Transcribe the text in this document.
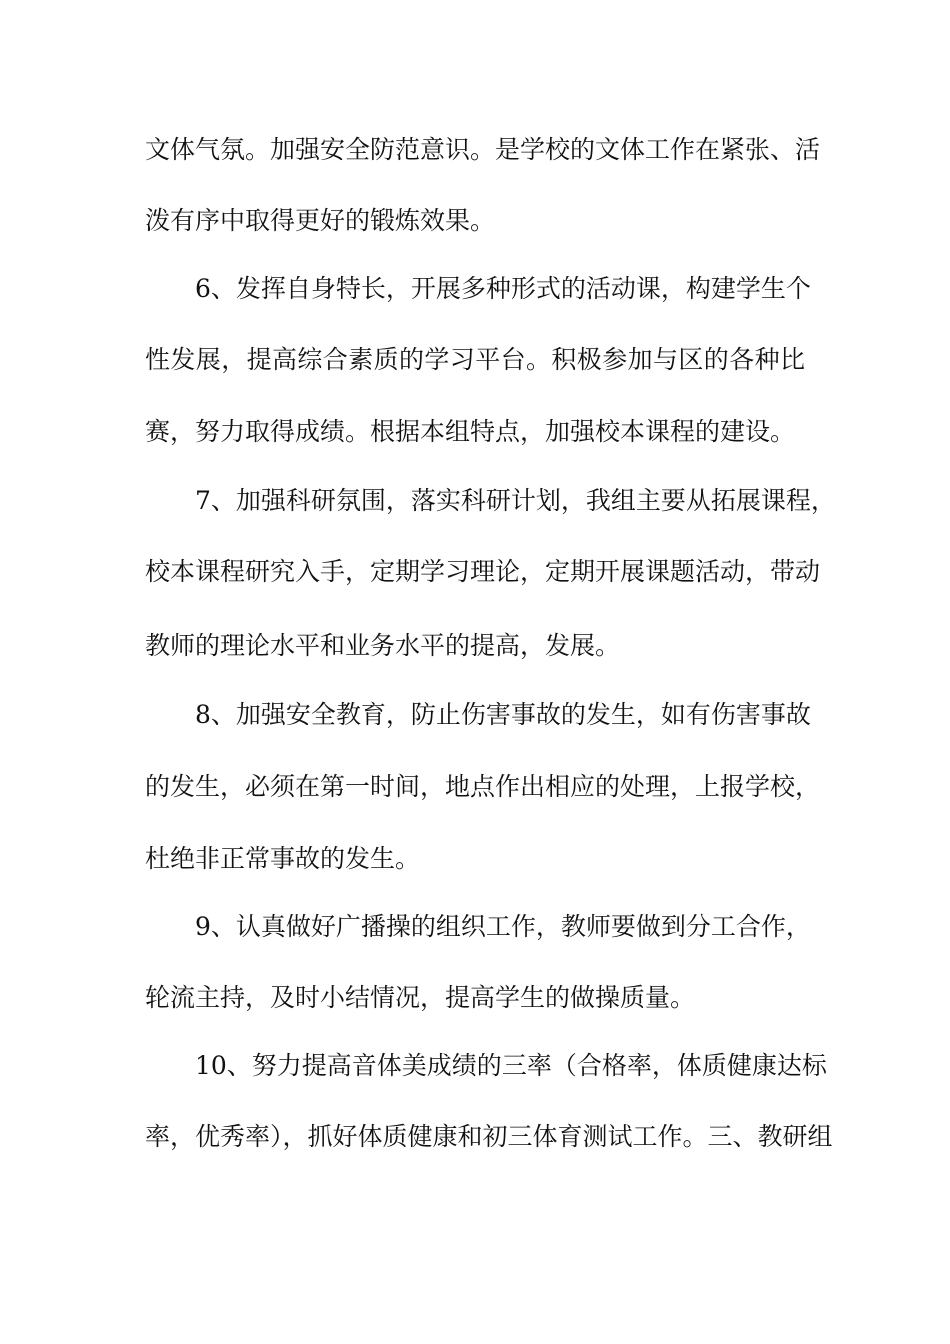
文体气氛。加强安全防范意识。是学校的文体工作在紧张、活
泼有序中取得更好的锻炼效果。
6、发挥自身特长，开展多种形式的活动课，构建学生个
性发展，提高综合素质的学习平台。积极参加与区的各种比
赛，努力取得成绩。根据本组特点，加强校本课程的建设。
7、加强科研氛围，落实科研计划，我组主要从拓展课程，
校本课程研究入手，定期学习理论，定期开展课题活动，带动
教师的理论水平和业务水平的提高，发展。
8、加强安全教育，防止伤害事故的发生，如有伤害事故
的发生，必须在第一时间，地点作出相应的处理，上报学校，
杜绝非正常事故的发生。
9、认真做好广播操的组织工作，教师要做到分工合作，
轮流主持，及时小结情况，提高学生的做操质量。
10、努力提高音体美成绩的三率（合格率，体质健康达标
率，优秀率），抓好体质健康和初三体育测试工作。三、教研组
